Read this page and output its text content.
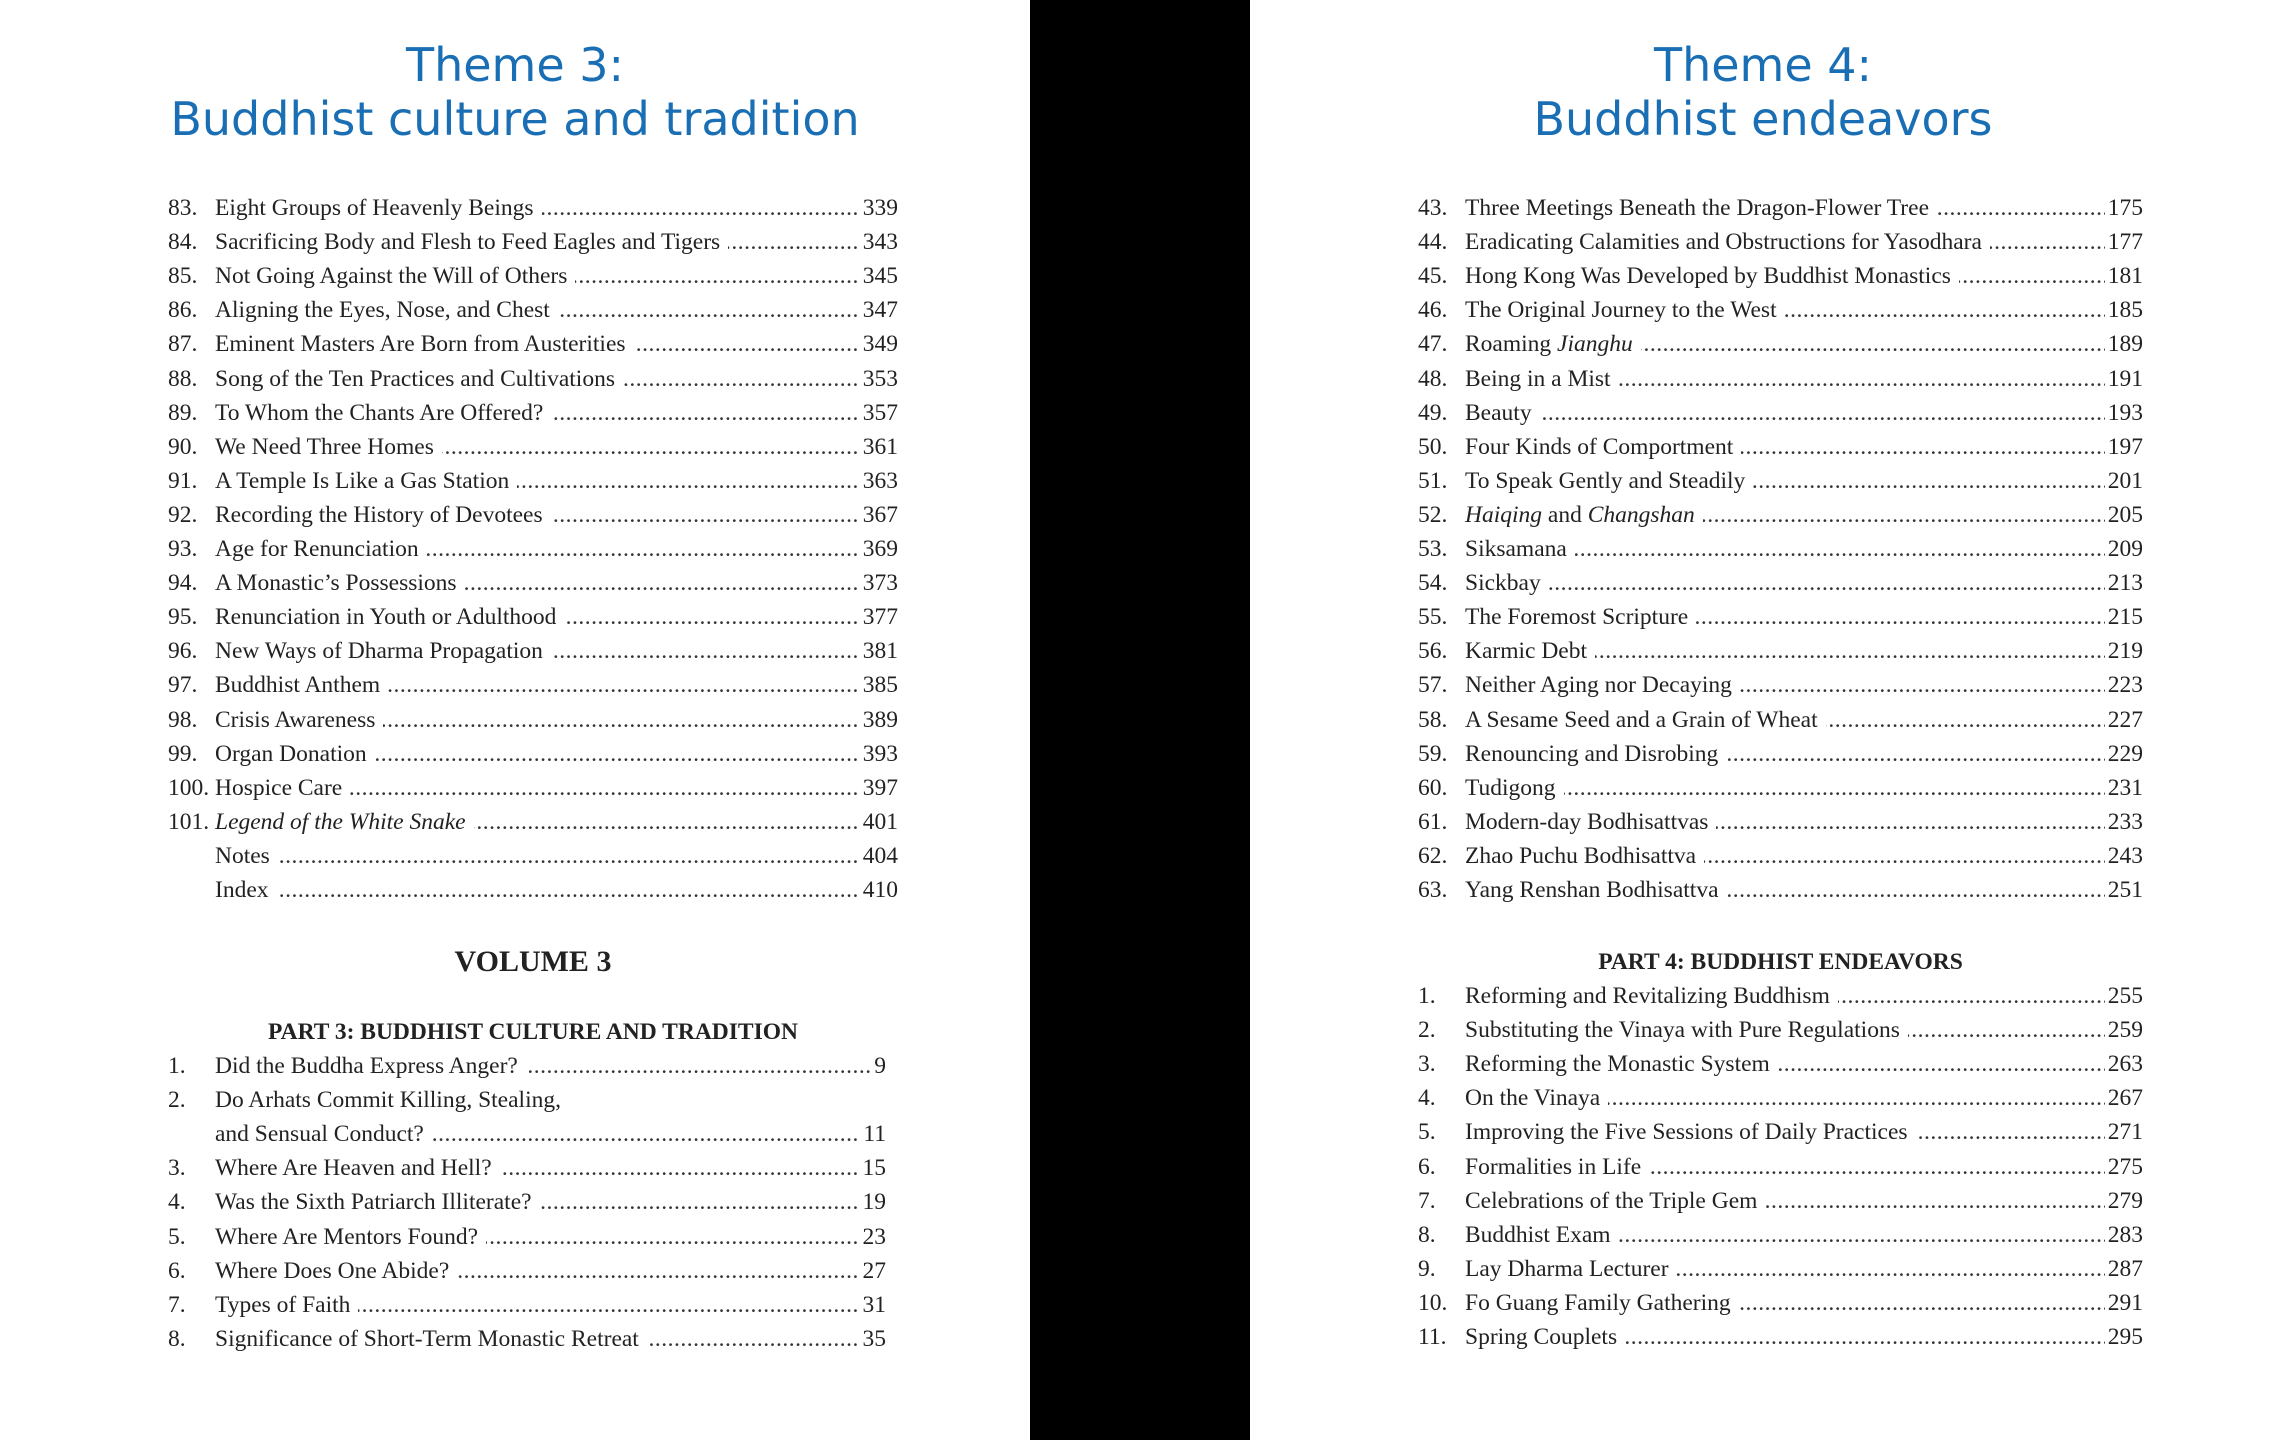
Theme 3:
Buddhist culture and tradition
83. ..... Eight Groups of Heavenly Beings	339
84. ..... Sacrificing Body and Flesh to Feed Eagles and Tigers	343
85. ..... Not Going Against the Will of Others	345
86. ..... Aligning the Eyes, Nose, and Chest	347
87. ..... Eminent Masters Are Born from Austerities	349
88. ..... Song of the Ten Practices and Cultivations	353
89. ..... To Whom the Chants Are Offered?	357
90. ..... We Need Three Homes	361
91. ..... A Temple Is Like a Gas Station	363
92. ..... Recording the History of Devotees	367
93. ..... Age for Renunciation	369
94. ..... A Monastic’s Possessions	373
95. ..... Renunciation in Youth or Adulthood	377
96. ..... New Ways of Dharma Propagation	381
97. ..... Buddhist Anthem	385
98. ..... Crisis Awareness	389
99. ..... Organ Donation	393
100. ..... Hospice Care	397
101. ..... Legend of the White Snake	401
.....
Notes	404
.....
Index	410
VOLUME 3
PART 3: BUDDHIST CULTURE AND TRADITION
1. ..... Did the Buddha Express Anger?	9
2. Do Arhats Commit Killing, Stealing,
.....
and Sensual Conduct?	11
3. ..... Where Are Heaven and Hell?	15
4. ..... Was the Sixth Patriarch Illiterate?	19
5. ..... Where Are Mentors Found?	23
6. ..... Where Does One Abide?	27
7. ..... Types of Faith	31
8. ..... Significance of Short-Term Monastic Retreat	35
Theme 4:
Buddhist endeavors
43. ..... Three Meetings Beneath the Dragon-Flower Tree	175
44. ..... Eradicating Calamities and Obstructions for Yasodhara	177
45. ..... Hong Kong Was Developed by Buddhist Monastics	181
46. ..... The Original Journey to the West	185
47. ..... Roaming Jianghu	189
48. ..... Being in a Mist	191
49. ..... Beauty	193
50. ..... Four Kinds of Comportment	197
51. ..... To Speak Gently and Steadily	201
52. ..... Haiqing and Changshan	205
53. ..... Siksamana	209
54. ..... Sickbay	213
55. ..... The Foremost Scripture	215
56. ..... Karmic Debt	219
57. ..... Neither Aging nor Decaying	223
58. ..... A Sesame Seed and a Grain of Wheat	227
59. ..... Renouncing and Disrobing	229
60. ..... Tudigong	231
61. ..... Modern-day Bodhisattvas	233
62. ..... Zhao Puchu Bodhisattva	243
63. ..... Yang Renshan Bodhisattva	251
PART 4: BUDDHIST ENDEAVORS
1. ..... Reforming and Revitalizing Buddhism	255
2. ..... Substituting the Vinaya with Pure Regulations	259
3. ..... Reforming the Monastic System	263
4. ..... On the Vinaya	267
5. ..... Improving the Five Sessions of Daily Practices	271
6. ..... Formalities in Life	275
7. ..... Celebrations of the Triple Gem	279
8. ..... Buddhist Exam	283
9. ..... Lay Dharma Lecturer	287
10. ..... Fo Guang Family Gathering	291
11. ..... Spring Couplets	295
